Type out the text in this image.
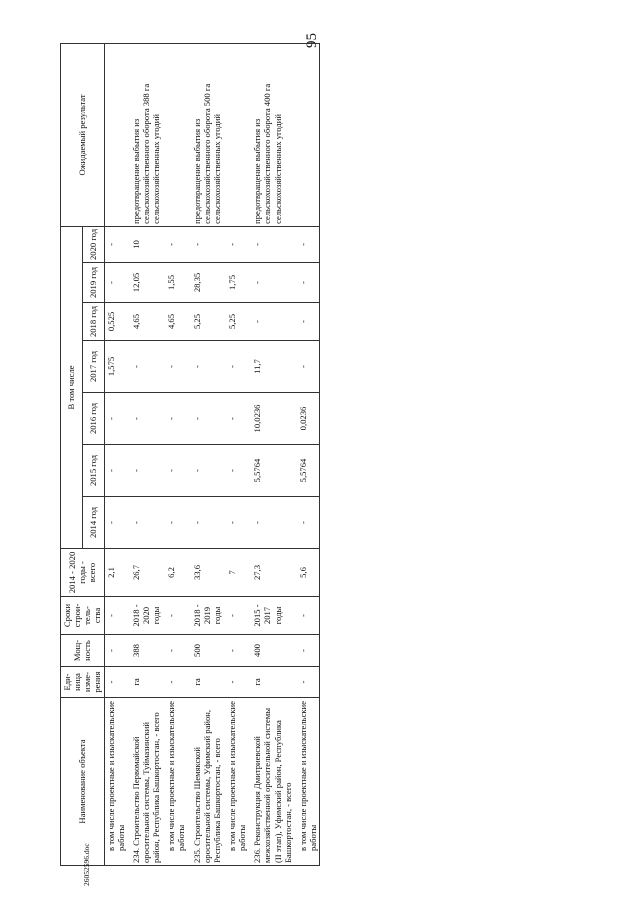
95
Наименование объекта	Еди-ница изме-рения	Мощ-ность	Сроки строи-тель-ства	2014 - 2020 годы - всего	В том числе							Ожидаемый результат
					2014 год	2015 год	2016 год	2017 год	2018 год	2019 год	2020 год	
в том числе проектные и изыскательские работы	-	-	-	2,1	-	-	-	1,575	0,525	-	-	

234. Строительство Первомайской оросительной системы, Туймазинский район, Республика Башкортостан, - всего	га	388	2018 - 2020 годы	26,7	-	-	-	-	4,65	12,05	10	предотвращение выбытия из сельскохозяйственного оборота 388 га сельскохозяйственных угодий

в том числе проектные и изыскательские работы	-	-	-	6,2	-	-	-	-	4,65	1,55	-	

235. Строительство Шемякской оросительной системы, Уфимский район, Республика Башкортостан, - всего	га	500	2018 - 2019 годы	33,6	-	-	-	-	5,25	28,35	-	предотвращение выбытия из сельскохозяйственного оборота 500 га сельскохозяйственных угодий

в том числе проектные и изыскательские работы	-	-	-	7	-	-	-	-	5,25	1,75	-	

236. Реконструкция Дмитриевской межхозяйственной оросительной системы (II этап), Уфимский район, Республика Башкортостан, - всего	га	400	2015 - 2017 годы	27,3	-	5,5764	10,0236	11,7	-	-	-	предотвращение выбытия из сельскохозяйственного оборота 400 га сельскохозяйственных угодий

в том числе проектные и изыскательские работы	-	-	-	5,6	-	5,5764	0,0236	-	-	-	-	
26052596.doc
